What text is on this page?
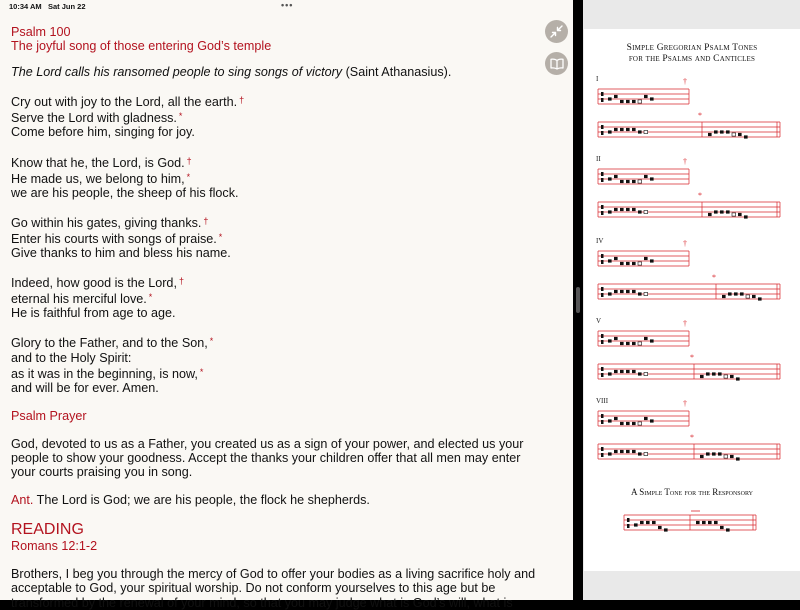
10:34 AM Sat Jun 22	•••
Psalm 100
The joyful song of those entering God’s temple
The Lord calls his ransomed people to sing songs of victory (Saint Athanasius).
Cry out with joy to the Lord, all the earth. †
Serve the Lord with gladness. *
Come before him, singing for joy.
Know that he, the Lord, is God. †
He made us, we belong to him, *
we are his people, the sheep of his flock.
Go within his gates, giving thanks. †
Enter his courts with songs of praise. *
Give thanks to him and bless his name.
Indeed, how good is the Lord, †
eternal his merciful love. *
He is faithful from age to age.
Glory to the Father, and to the Son, *
and to the Holy Spirit:
as it was in the beginning, is now, *
and will be for ever. Amen.
Psalm Prayer
God, devoted to us as a Father, you created us as a sign of your power, and elected us your people to show your goodness. Accept the thanks your children offer that all men may enter your courts praising you in song.
Ant. The Lord is God; we are his people, the flock he shepherds.
READING
Romans 12:1-2
Brothers, I beg you through the mercy of God to offer your bodies as a living sacrifice holy and acceptable to God, your spiritual worship. Do not conform yourselves to this age but be transformed by the renewal of your mind, so that you may judge what is God’s will, what is
Simple Gregorian Psalm Tones
for the Psalms and Canticles
I
II
IV
V
VIII
†
*
†
*
†
*
†
*
†
*
A Simple Tone for the Responsory
